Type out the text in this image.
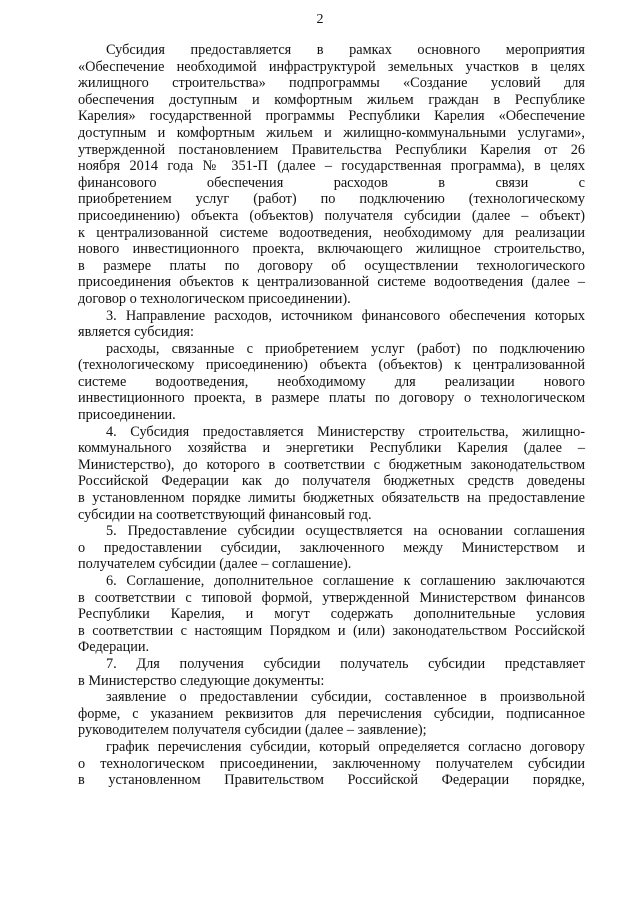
2

Субсидия предоставляется в рамках основного мероприятия
«Обеспечение необходимой инфраструктурой земельных участков в целях
жилищного строительства» подпрограммы «Создание условий для
обеспечения доступным и комфортным жильем граждан в Республике
Карелия» государственной программы Республики Карелия «Обеспечение
доступным и комфортным жильем и жилищно-коммунальными услугами»,
утвержденной постановлением Правительства Республики Карелия от 26
ноября 2014 года № 351-П (далее – государственная программа), в целях
финансового обеспечения расходов в связи с
приобретением услуг (работ) по подключению (технологическому
присоединению) объекта (объектов) получателя субсидии (далее – объект)
к централизованной системе водоотведения, необходимому для реализации
нового инвестиционного проекта, включающего жилищное строительство,
в размере платы по договору об осуществлении технологического
присоединения объектов к централизованной системе водоотведения (далее –
договор о технологическом присоединении).

3. Направление расходов, источником финансового обеспечения которых
является субсидия:

расходы, связанные с приобретением услуг (работ) по подключению
(технологическому присоединению) объекта (объектов) к централизованной
системе водоотведения, необходимому для реализации нового
инвестиционного проекта, в размере платы по договору о технологическом
присоединении.

4. Субсидия предоставляется Министерству строительства, жилищно-
коммунального хозяйства и энергетики Республики Карелия (далее –
Министерство), до которого в соответствии с бюджетным законодательством
Российской Федерации как до получателя бюджетных средств доведены
в установленном порядке лимиты бюджетных обязательств на предоставление
субсидии на соответствующий финансовый год.

5. Предоставление субсидии осуществляется на основании соглашения
о предоставлении субсидии, заключенного между Министерством и
получателем субсидии (далее – соглашение).

6. Соглашение, дополнительное соглашение к соглашению заключаются
в соответствии с типовой формой, утвержденной Министерством финансов
Республики Карелия, и могут содержать дополнительные условия
в соответствии с настоящим Порядком и (или) законодательством Российской
Федерации.

7. Для получения субсидии получатель субсидии представляет
в Министерство следующие документы:

заявление о предоставлении субсидии, составленное в произвольной
форме, с указанием реквизитов для перечисления субсидии, подписанное
руководителем получателя субсидии (далее – заявление);

график перечисления субсидии, который определяется согласно договору
о технологическом присоединении, заключенному получателем субсидии
в установленном Правительством Российской Федерации порядке,
